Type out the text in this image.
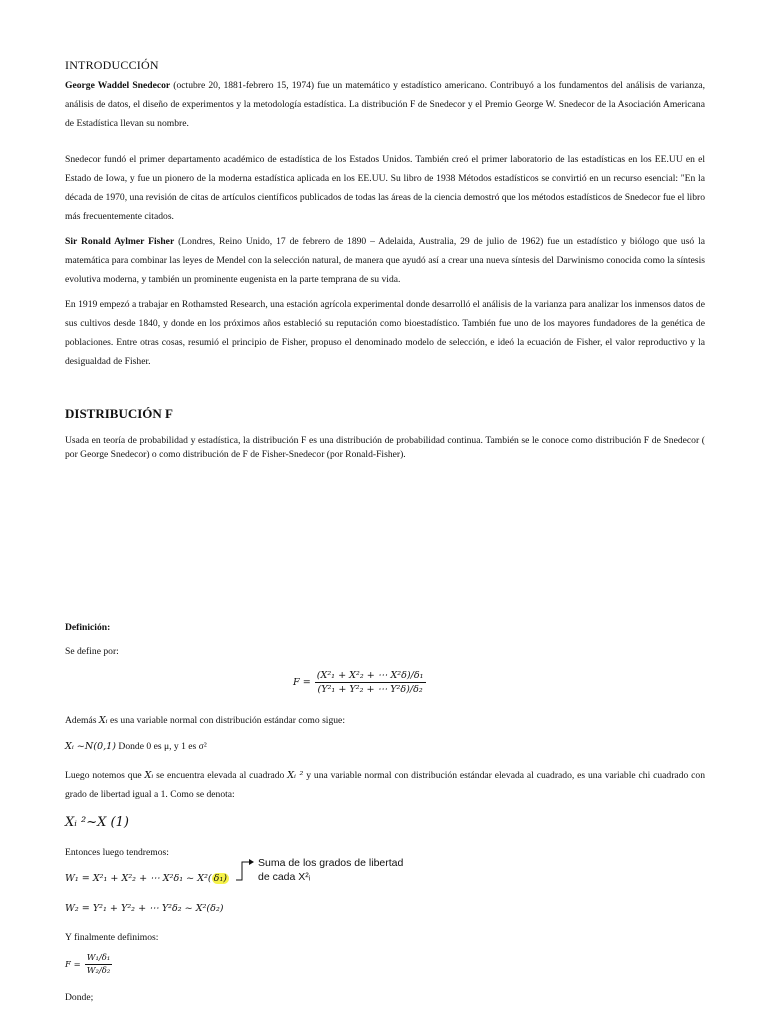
INTRODUCCIÓN
George Waddel Snedecor (octubre 20, 1881-febrero 15, 1974) fue un matemático y estadístico americano. Contribuyó a los fundamentos del análisis de varianza, análisis de datos, el diseño de experimentos y la metodología estadística. La distribución F de Snedecor y el Premio George W. Snedecor de la Asociación Americana de Estadística llevan su nombre.
Snedecor fundó el primer departamento académico de estadística de los Estados Unidos. También creó el primer laboratorio de las estadísticas en los EE.UU en el Estado de Iowa, y fue un pionero de la moderna estadística aplicada en los EE.UU. Su libro de 1938 Métodos estadísticos se convirtió en un recurso esencial: "En la década de 1970, una revisión de citas de artículos científicos publicados de todas las áreas de la ciencia demostró que los métodos estadísticos de Snedecor fue el libro más frecuentemente citados.
Sir Ronald Aylmer Fisher (Londres, Reino Unido, 17 de febrero de 1890 – Adelaida, Australia, 29 de julio de 1962) fue un estadístico y biólogo que usó la matemática para combinar las leyes de Mendel con la selección natural, de manera que ayudó así a crear una nueva síntesis del Darwinismo conocida como la síntesis evolutiva moderna, y también un prominente eugenista en la parte temprana de su vida.
En 1919 empezó a trabajar en Rothamsted Research, una estación agrícola experimental donde desarrolló el análisis de la varianza para analizar los inmensos datos de sus cultivos desde 1840, y donde en los próximos años estableció su reputación como bioestadístico. También fue uno de los mayores fundadores de la genética de poblaciones. Entre otras cosas, resumió el principio de Fisher, propuso el denominado modelo de selección, e ideó la ecuación de Fisher, el valor reproductivo y la desigualdad de Fisher.
DISTRIBUCIÓN F
Usada en teoría de probabilidad y estadística, la distribución F es una distribución de probabilidad continua. También se le conoce como distribución F de Snedecor ( por George Snedecor) o como distribución de F de Fisher-Snedecor (por Ronald-Fisher).
Definición:
Se define por:
$F = \frac{\text{(X²₁ + X²₂ + ⋯ X²δ)/δ₁}}{\text{(Y²₁ + Y²₂ + ⋯ Y²δ)/δ₂}}$
Además Xᵢ es una variable normal con distribución estándar como sigue:
Xᵢ ~N(0,1) Donde 0 es μ, y 1 es σ²
Luego notemos que Xᵢ se encuentra elevada al cuadrado Xᵢ ² y una variable normal con distribución estándar elevada al cuadrado, es una variable chi cuadrado con grado de libertad igual a 1. Como se denota:
Xᵢ ²~Χ (1)
Entonces luego tendremos:
W₁ = X²₁ + X²₂ + ⋯ X²δ₁ ~ Χ²( δ₁)
Suma de los grados de libertad
de cada X²ᵢ
W₂ = Y²₁ + Y²₂ + ⋯ Y²δ₂ ~ Χ²(δ₂)
Y finalmente definimos:
$F = \frac{\text{W₁/δ₁}}{\text{W₂/δ₂}}$
Donde;
